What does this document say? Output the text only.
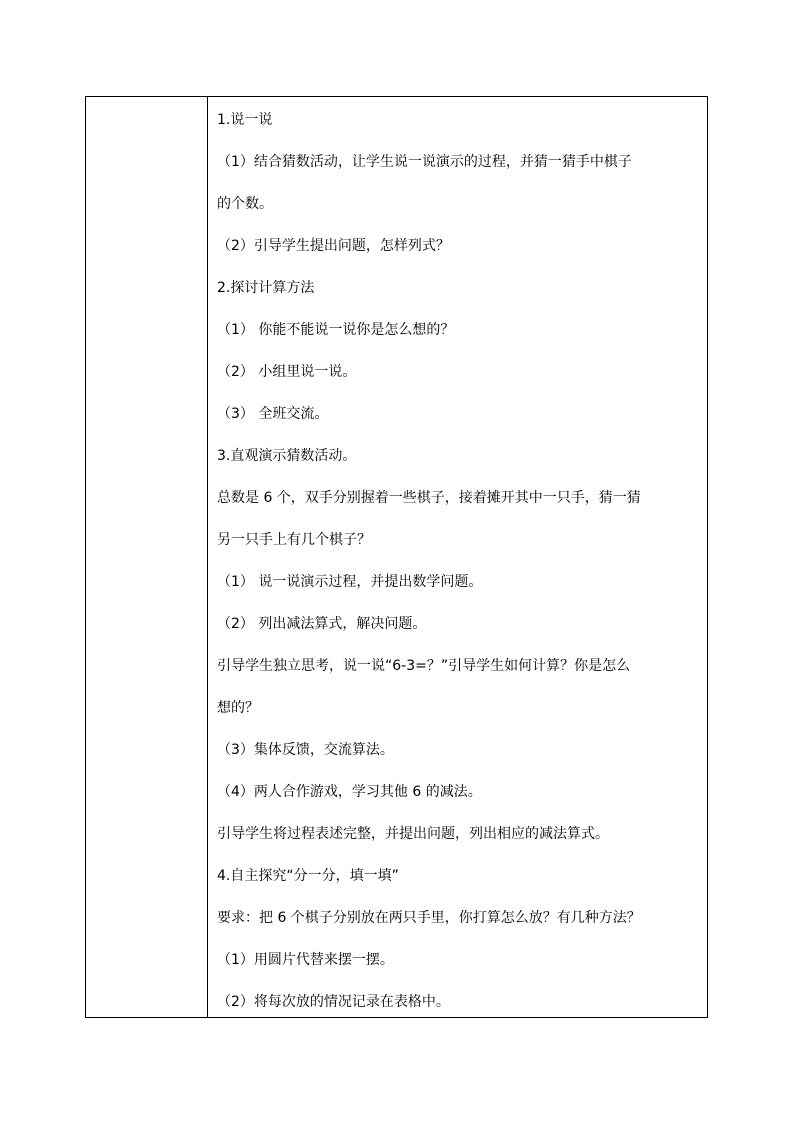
1.说一说
（1）结合猜数活动，让学生说一说演示的过程，并猜一猜手中棋子
的个数。
（2）引导学生提出问题，怎样列式？
2.探讨计算方法
（1） 你能不能说一说你是怎么想的？
（2） 小组里说一说。
（3） 全班交流。
3.直观演示猜数活动。
总数是 6 个，双手分别握着一些棋子，接着摊开其中一只手，猜一猜
另一只手上有几个棋子？
（1） 说一说演示过程，并提出数学问题。
（2） 列出减法算式，解决问题。
引导学生独立思考，说一说“6-3=？”引导学生如何计算？你是怎么
想的？
（3）集体反馈，交流算法。
（4）两人合作游戏，学习其他 6 的减法。
引导学生将过程表述完整，并提出问题，列出相应的减法算式。
4.自主探究“分一分，填一填”
要求：把 6 个棋子分别放在两只手里，你打算怎么放？有几种方法？
（1）用圆片代替来摆一摆。
（2）将每次放的情况记录在表格中。
